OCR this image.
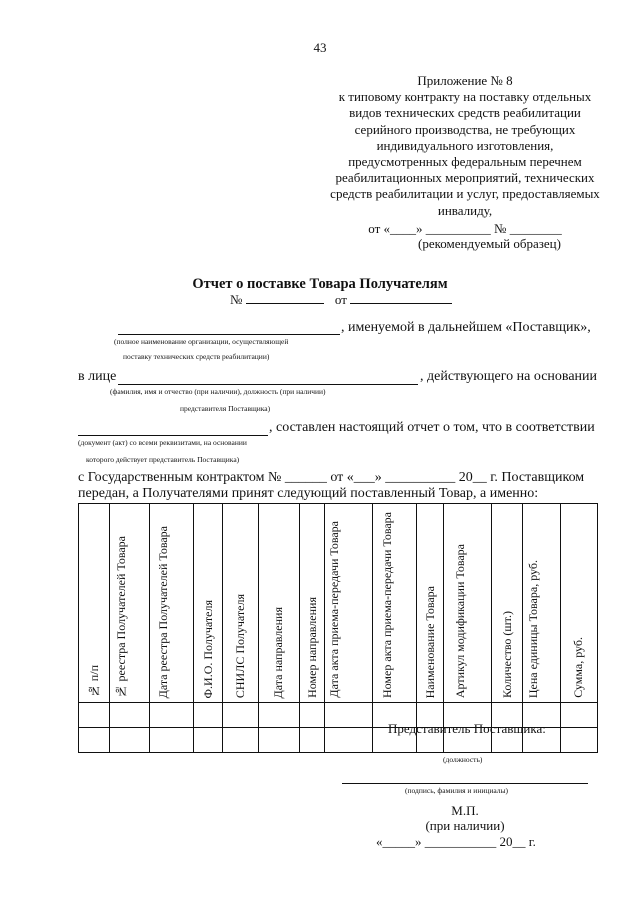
43
Приложение № 8
к типовому контракту на поставку отдельных
видов технических средств реабилитации
серийного производства, не требующих
индивидуального изготовления,
предусмотренных федеральным перечнем
реабилитационных мероприятий, технических
средств реабилитации и услуг, предоставляемых
инвалиду,
от «____» __________ № ________
(рекомендуемый образец)
Отчет о поставке Товара Получателям
№	от
, именуемой в дальнейшем «Поставщик»,
(полное наименование организации, осуществляющей
поставку технических средств реабилитации)
в лице	, действующего на основании
(фамилия, имя и отчество (при наличии), должность (при наличии)
представителя Поставщика)
, составлен настоящий отчет о том, что в соответствии
(документ (акт) со всеми реквизитами, на основании
которого действует представитель Поставщика)
с Государственным контрактом № ______ от «___» __________ 20__ г. Поставщиком
передан, а Получателями принят следующий поставленный Товар, а именно:
№ п/п	№ реестра Получателей Товара	Дата реестра Получателей Товара	Ф.И.О. Получателя	СНИЛС Получателя	Дата направления	Номер направления	Дата акта приема-передачи Товара	Номер акта приема-передачи Товара	Наименование Товара	Артикул модификации Товара	Количество (шт.)	Цена единицы Товара, руб.	Сумма, руб.

Представитель Поставщика:
(должность)
(подпись, фамилия и инициалы)
М.П.
(при наличии)
«_____» ___________ 20__ г.
